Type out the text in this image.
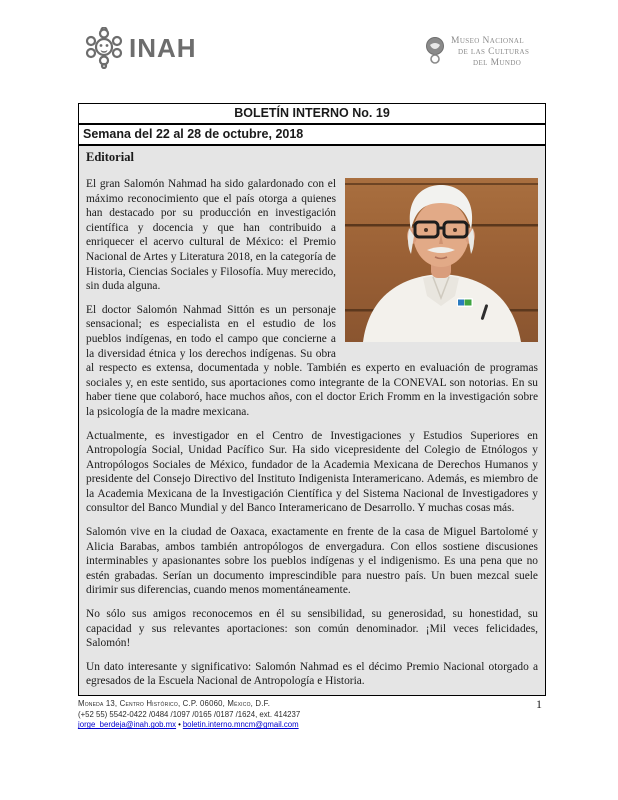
INAH	Museo Nacional
de las Culturas
del Mundo
BOLETÍN INTERNO No. 19
Semana del 22 al 28 de octubre, 2018
Editorial

El gran Salomón Nahmad ha sido galardonado con el máximo reconocimiento que el país otorga a quienes han destacado por su producción en investigación científica y docencia y que han contribuido a enriquecer el acervo cultural de México: el Premio Nacional de Artes y Literatura 2018, en la categoría de Historia, Ciencias Sociales y Filosofía. Muy merecido, sin duda alguna.

El doctor Salomón Nahmad Sittón es un personaje sensacional; es especialista en el estudio de los pueblos indígenas, en todo el campo que concierne a la diversidad étnica y los derechos indígenas. Su obra al respecto es extensa, documentada y noble. También es experto en evaluación de programas sociales y, en este sentido, sus aportaciones como integrante de la CONEVAL son notorias. En su haber tiene que colaboró, hace muchos años, con el doctor Erich Fromm en la investigación sobre la psicología de la madre mexicana.

Actualmente, es investigador en el Centro de Investigaciones y Estudios Superiores en Antropología Social, Unidad Pacífico Sur. Ha sido vicepresidente del Colegio de Etnólogos y Antropólogos Sociales de México, fundador de la Academia Mexicana de Derechos Humanos y presidente del Consejo Directivo del Instituto Indigenista Interamericano. Además, es miembro de la Academia Mexicana de la Investigación Científica y del Sistema Nacional de Investigadores y consultor del Banco Mundial y del Banco Interamericano de Desarrollo. Y muchas cosas más.

Salomón vive en la ciudad de Oaxaca, exactamente en frente de la casa de Miguel Bartolomé y Alicia Barabas, ambos también antropólogos de envergadura. Con ellos sostiene discusiones interminables y apasionantes sobre los pueblos indígenas y el indigenismo. Es una pena que no estén grabadas. Serían un documento imprescindible para nuestro país. Un buen mezcal suele dirimir sus diferencias, cuando menos momentáneamente.

No sólo sus amigos reconocemos en él su sensibilidad, su generosidad, su honestidad, su capacidad y sus relevantes aportaciones: son común denominador. ¡Mil veces felicidades, Salomón!

Un dato interesante y significativo: Salomón Nahmad es el décimo Premio Nacional otorgado a egresados de la Escuela Nacional de Antropología e Historia.

Moneda 13, Centro Histórico, C.P. 06060, México, D.F.
(+52 55) 5542-0422 /0484 /1097 /0165 /0187 /1624, ext. 414237
jorge_berdeja@inah.gob.mx • boletin.interno.mncm@gmail.com
1
